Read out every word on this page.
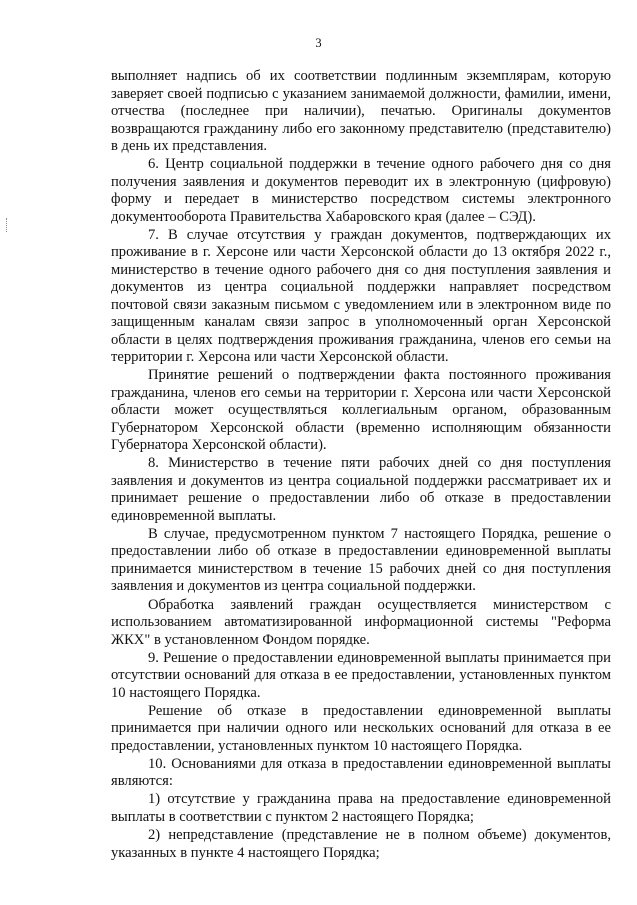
3

выполняет надпись об их соответствии подлинным экземплярам, которую заверяет своей подписью с указанием занимаемой должности, фамилии, имени, отчества (последнее при наличии), печатью. Оригиналы документов возвращаются гражданину либо его законному представителю (представителю) в день их представления.

6. Центр социальной поддержки в течение одного рабочего дня со дня получения заявления и документов переводит их в электронную (цифровую) форму и передает в министерство посредством системы электронного документооборота Правительства Хабаровского края (далее – СЭД).

7. В случае отсутствия у граждан документов, подтверждающих их проживание в г. Херсоне или части Херсонской области до 13 октября 2022 г., министерство в течение одного рабочего дня со дня поступления заявления и документов из центра социальной поддержки направляет посредством почтовой связи заказным письмом с уведомлением или в электронном виде по защищенным каналам связи запрос в уполномоченный орган Херсонской области в целях подтверждения проживания гражданина, членов его семьи на территории г. Херсона или части Херсонской области.

Принятие решений о подтверждении факта постоянного проживания гражданина, членов его семьи на территории г. Херсона или части Херсонской области может осуществляться коллегиальным органом, образованным Губернатором Херсонской области (временно исполняющим обязанности Губернатора Херсонской области).

8. Министерство в течение пяти рабочих дней со дня поступления заявления и документов из центра социальной поддержки рассматривает их и принимает решение о предоставлении либо об отказе в предоставлении единовременной выплаты.

В случае, предусмотренном пунктом 7 настоящего Порядка, решение о предоставлении либо об отказе в предоставлении единовременной выплаты принимается министерством в течение 15 рабочих дней со дня поступления заявления и документов из центра социальной поддержки.

Обработка заявлений граждан осуществляется министерством с использованием автоматизированной информационной системы "Реформа ЖКХ" в установленном Фондом порядке.

9. Решение о предоставлении единовременной выплаты принимается при отсутствии оснований для отказа в ее предоставлении, установленных пунктом 10 настоящего Порядка.

Решение об отказе в предоставлении единовременной выплаты принимается при наличии одного или нескольких оснований для отказа в ее предоставлении, установленных пунктом 10 настоящего Порядка.

10. Основаниями для отказа в предоставлении единовременной выплаты являются:

1) отсутствие у гражданина права на предоставление единовременной выплаты в соответствии с пунктом 2 настоящего Порядка;

2) непредставление (представление не в полном объеме) документов, указанных в пункте 4 настоящего Порядка;
